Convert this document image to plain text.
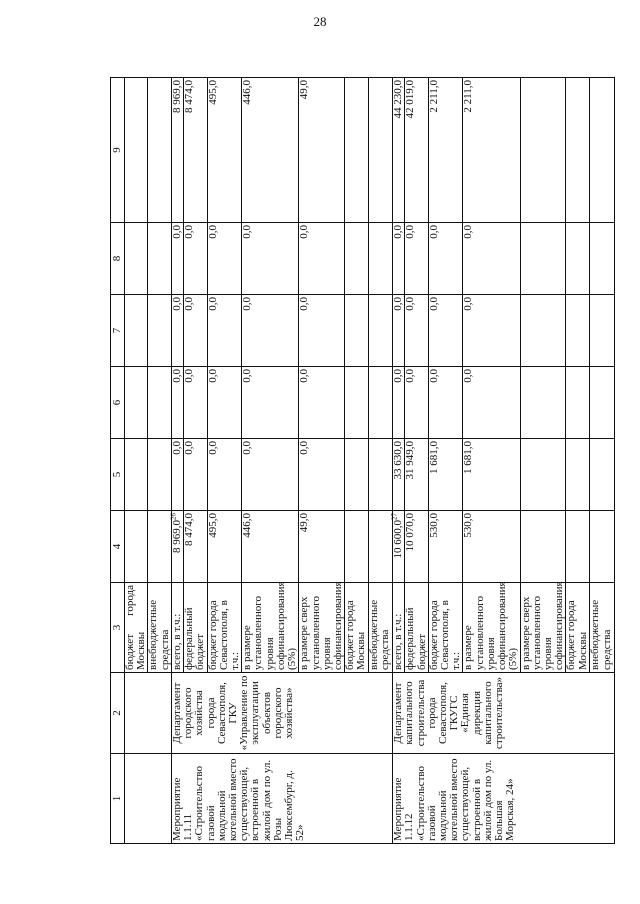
28
1	2	3	4	5	6	7	8	9
		бюджет города Москвы						
		внебюджетные средства						
Мероприятие 1.1.11 «Строительство газовой модульной котельной вместо существующей, встроенной в жилой дом по ул. Розы Люксембург, д. 52»	Департамент городского хозяйства города Севастополя, ГКУ «Управление по эксплуатации объектов городского хозяйства»	всего, в т.ч.:	8 969,0$^{26}$	0,0	0,0	0,0	0,0	8 969,0
		федеральный бюджет	8 474,0	0,0	0,0	0,0	0,0	8 474,0
		бюджет города Севастополя, в т.ч.:	495,0	0,0	0,0	0,0	0,0	495,0
		в размере установленного уровня софинансирования (5%)	446,0	0,0	0,0	0,0	0,0	446,0
		в размере сверх установленного уровня софинансирования	49,0	0,0	0,0	0,0	0,0	49,0
		бюджет города Москвы						
		внебюджетные средства						
Мероприятие 1.1.12 «Строительство газовой модульной котельной вместо существующей, встроенной в жилой дом по ул. Большая Морская, 24»	Департамент капитального строительства города Севастополя, ГКУГС «Единая дирекция капитального строительства»	всего, в т.ч.:	10 600,0$^{27}$	33 630,0	0,0	0,0	0,0	44 230,0
		федеральный бюджет	10 070,0	31 949,0	0,0	0,0	0,0	42 019,0
		бюджет города Севастополя, в т.ч.:	530,0	1 681,0	0,0	0,0	0,0	2 211,0
		в размере установленного уровня софинансирования (5%)	530,0	1 681,0	0,0	0,0	0,0	2 211,0
		в размере сверх установленного уровня софинансирования						
		бюджет города Москвы						
		внебюджетные средства						
